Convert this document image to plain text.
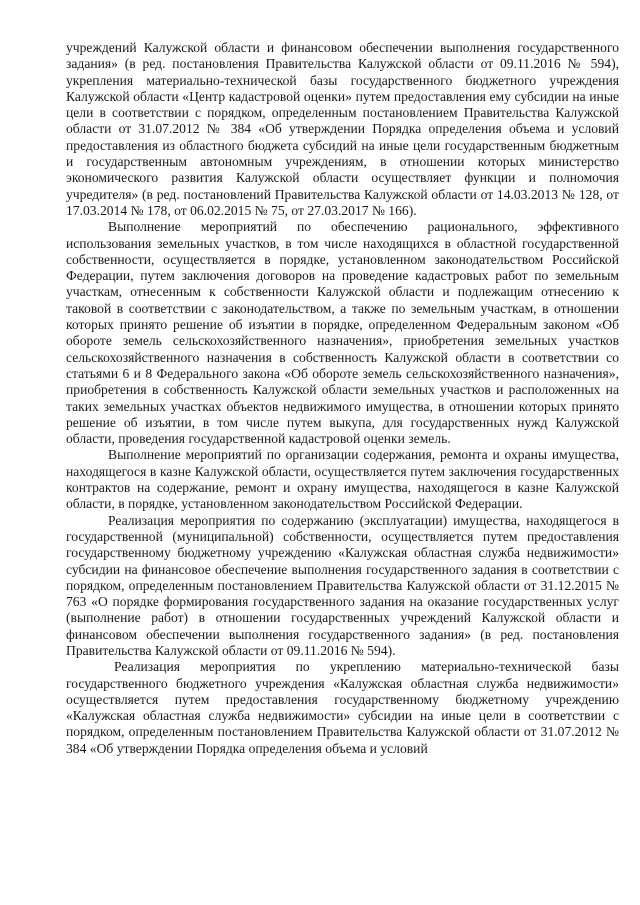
учреждений Калужской области и финансовом обеспечении выполнения государственного задания» (в ред. постановления Правительства Калужской области от 09.11.2016 № 594), укрепления материально-технической базы государственного бюджетного учреждения Калужской области «Центр кадастровой оценки» путем предоставления ему субсидии на иные цели в соответствии с порядком, определенным постановлением Правительства Калужской области от 31.07.2012 № 384 «Об утверждении Порядка определения объема и условий предоставления из областного бюджета субсидий на иные цели государственным бюджетным и государственным автономным учреждениям, в отношении которых министерство экономического развития Калужской области осуществляет функции и полномочия учредителя» (в ред. постановлений Правительства Калужской области от 14.03.2013 № 128, от 17.03.2014 № 178, от 06.02.2015 № 75, от 27.03.2017 № 166).

Выполнение мероприятий по обеспечению рационального, эффективного использования земельных участков, в том числе находящихся в областной государственной собственности, осуществляется в порядке, установленном законодательством Российской Федерации, путем заключения договоров на проведение кадастровых работ по земельным участкам, отнесенным к собственности Калужской области и подлежащим отнесению к таковой в соответствии с законодательством, а также по земельным участкам, в отношении которых принято решение об изъятии в порядке, определенном Федеральным законом «Об обороте земель сельскохозяйственного назначения», приобретения земельных участков сельскохозяйственного назначения в собственность Калужской области в соответствии со статьями 6 и 8 Федерального закона «Об обороте земель сельскохозяйственного назначения», приобретения в собственность Калужской области земельных участков и расположенных на таких земельных участках объектов недвижимого имущества, в отношении которых принято решение об изъятии, в том числе путем выкупа, для государственных нужд Калужской области, проведения государственной кадастровой оценки земель.

Выполнение мероприятий по организации содержания, ремонта и охраны имущества, находящегося в казне Калужской области, осуществляется путем заключения государственных контрактов на содержание, ремонт и охрану имущества, находящегося в казне Калужской области, в порядке, установленном законодательством Российской Федерации.

Реализация мероприятия по содержанию (эксплуатации) имущества, находящегося в государственной (муниципальной) собственности, осуществляется путем предоставления государственному бюджетному учреждению «Калужская областная служба недвижимости» субсидии на финансовое обеспечение выполнения государственного задания в соответствии с порядком, определенным постановлением Правительства Калужской области от 31.12.2015 № 763 «О порядке формирования государственного задания на оказание государственных услуг (выполнение работ) в отношении государственных учреждений Калужской области и финансовом обеспечении выполнения государственного задания» (в ред. постановления Правительства Калужской области от 09.11.2016 № 594).

Реализация мероприятия по укреплению материально-технической базы государственного бюджетного учреждения «Калужская областная служба недвижимости» осуществляется путем предоставления государственному бюджетному учреждению «Калужская областная служба недвижимости» субсидии на иные цели в соответствии с порядком, определенным постановлением Правительства Калужской области от 31.07.2012 № 384 «Об утверждении Порядка определения объема и условий
